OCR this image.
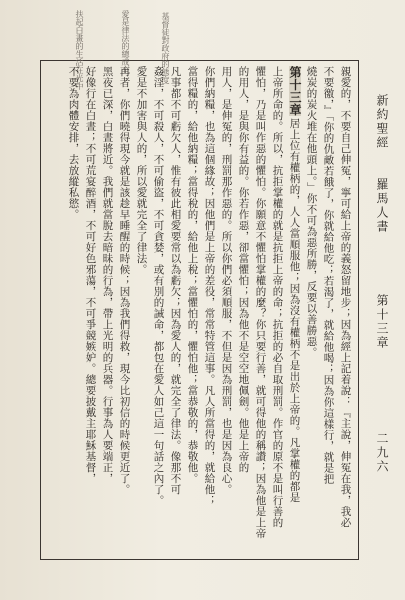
新約聖經
羅馬人書
第十三章
二九六
基督徒對政府的態度
愛是律法的總成全
扶起白畫的生活在光中
親愛的，不要自己伸冤，寧可給上帝的義怒留地步；因為經上記着說：『主說，伸冤在我，我必
不要徼，』「你的仇敵若餓了，你就給他吃；若渴了，就給他喝；因為你這樣行，就是把
燒炭的炭火堆在他頭上。」你不可為惡所勝，反要以善勝惡。
第十三章
居上位有權柄的，人人當順服他；因為沒有權柄不是出於上帝的。凡掌權的都是
上帝所命的。所以，抗拒掌權的就是抗拒上帝的命；抗拒的必自取刑罰。作官的原不是叫行善的
懼怕，乃是叫作惡的懼怕。你願意不懼怕掌權的麼？你只要行善，就可得他的稱讚；因為他是上帝
的用人，是與你有益的。你若作惡，卻當懼怕；因為他不是空空地佩劍。他是上帝的
用人，是伸冤的，刑罰那作惡的。所以你們必須順服，不但是因為刑罰，也是因為良心。
你們納糧，也為這個緣故；因他們是上帝的差役，常常特管這事。凡人所當得的，就給他；
當得糧的，給他納糧；當得稅的，給他上稅；當懼怕的，懼怕他；當恭敬的，恭敬他。
凡事都不可虧欠人，惟有彼此相愛要常以為虧欠；因為愛人的，就完全了律法。像那不可
姦淫，不可殺人，不可偷盜，不可貪婪，或有別的誡命，都包在愛人如己這一句話之內了。
愛是不加害與人的，所以愛就完全了律法。
再者，你們曉得現今就是該趁早睡醒的時候；因為我們得救，現今比初信的時候更近了。
黑夜已深，白晝將近。我們就當脫去暗昧的行為，帶上光明的兵器。行事為人要端正，
好像行在白晝；不可荒宴醉酒，不可好色邪蕩，不可爭競嫉妒。總要披戴主耶穌基督，
不要為肉體安排，去放縱私慾。
